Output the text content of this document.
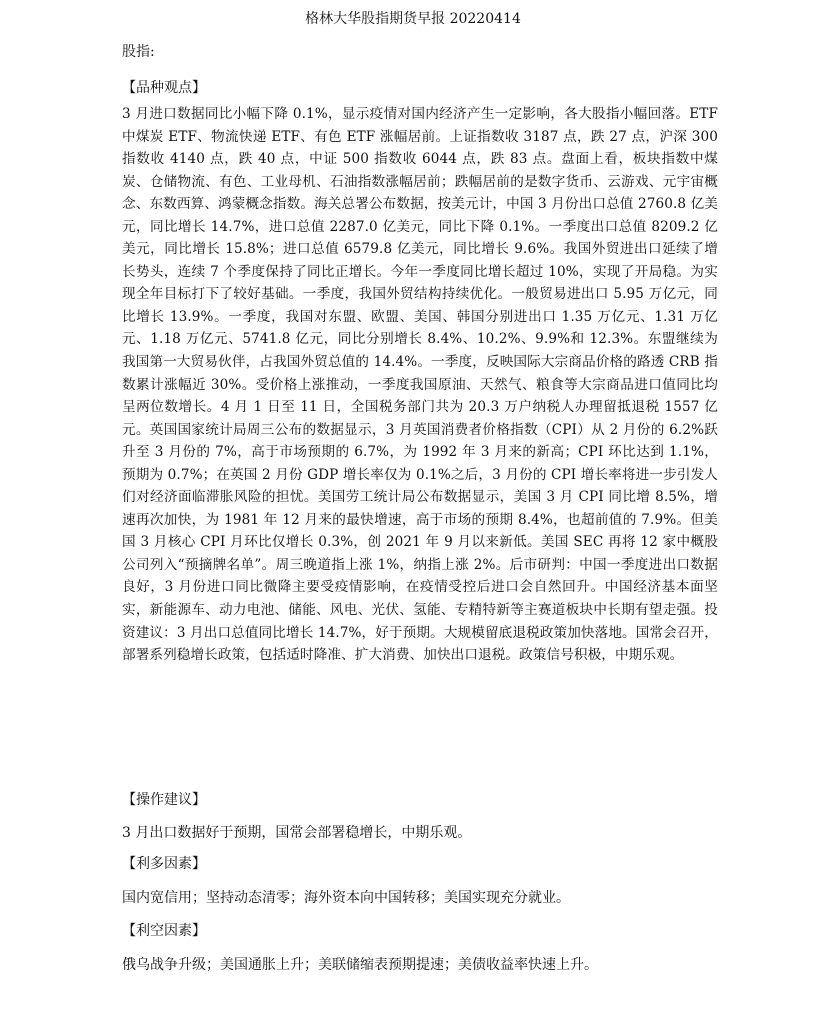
格林大华股指期货早报 20220414
股指:
【品种观点】
3 月进口数据同比小幅下降 0.1%，显示疫情对国内经济产生一定影响，各大股指小幅回落。ETF 中煤炭 ETF、物流快递 ETF、有色 ETF 涨幅居前。上证指数收 3187 点，跌 27 点，沪深 300 指数收 4140 点，跌 40 点，中证 500 指数收 6044 点，跌 83 点。盘面上看，板块指数中煤炭、仓储物流、有色、工业母机、石油指数涨幅居前；跌幅居前的是数字货币、云游戏、元宇宙概念、东数西算、鸿蒙概念指数。海关总署公布数据，按美元计，中国 3 月份出口总值 2760.8 亿美元，同比增长 14.7%，进口总值 2287.0 亿美元，同比下降 0.1%。一季度出口总值 8209.2 亿美元，同比增长 15.8%；进口总值 6579.8 亿美元，同比增长 9.6%。我国外贸进出口延续了增长势头，连续 7 个季度保持了同比正增长。今年一季度同比增长超过 10%，实现了开局稳。为实现全年目标打下了较好基础。一季度，我国外贸结构持续优化。一般贸易进出口 5.95 万亿元，同比增长 13.9%。一季度，我国对东盟、欧盟、美国、韩国分别进出口 1.35 万亿元、1.31 万亿元、1.18 万亿元、5741.8 亿元，同比分别增长 8.4%、10.2%、9.9%和 12.3%。东盟继续为我国第一大贸易伙伴，占我国外贸总值的 14.4%。一季度，反映国际大宗商品价格的路透 CRB 指数累计涨幅近 30%。受价格上涨推动，一季度我国原油、天然气、粮食等大宗商品进口值同比均呈两位数增长。4 月 1 日至 11 日，全国税务部门共为 20.3 万户纳税人办理留抵退税 1557 亿元。英国国家统计局周三公布的数据显示，3 月英国消费者价格指数（CPI）从 2 月份的 6.2%跃升至 3 月份的 7%，高于市场预期的 6.7%，为 1992 年 3 月来的新高；CPI 环比达到 1.1%，预期为 0.7%；在英国 2 月份 GDP 增长率仅为 0.1%之后，3 月份的 CPI 增长率将进一步引发人们对经济面临滞胀风险的担忧。美国劳工统计局公布数据显示，美国 3 月 CPI 同比增 8.5%，增速再次加快，为 1981 年 12 月来的最快增速，高于市场的预期 8.4%，也超前值的 7.9%。但美国 3 月核心 CPI 月环比仅增长 0.3%，创 2021 年 9 月以来新低。美国 SEC 再将 12 家中概股公司列入“预摘牌名单”。周三晚道指上涨 1%，纳指上涨 2%。后市研判：中国一季度进出口数据良好，3 月份进口同比微降主要受疫情影响，在疫情受控后进口会自然回升。中国经济基本面坚实，新能源车、动力电池、储能、风电、光伏、氢能、专精特新等主赛道板块中长期有望走强。投资建议：3 月出口总值同比增长 14.7%，好于预期。大规模留底退税政策加快落地。国常会召开，部署系列稳增长政策，包括适时降准、扩大消费、加快出口退税。政策信号积极，中期乐观。
【操作建议】
3 月出口数据好于预期，国常会部署稳增长，中期乐观。
【利多因素】
国内宽信用；坚持动态清零；海外资本向中国转移；美国实现充分就业。
【利空因素】
俄乌战争升级；美国通胀上升；美联储缩表预期提速；美债收益率快速上升。
